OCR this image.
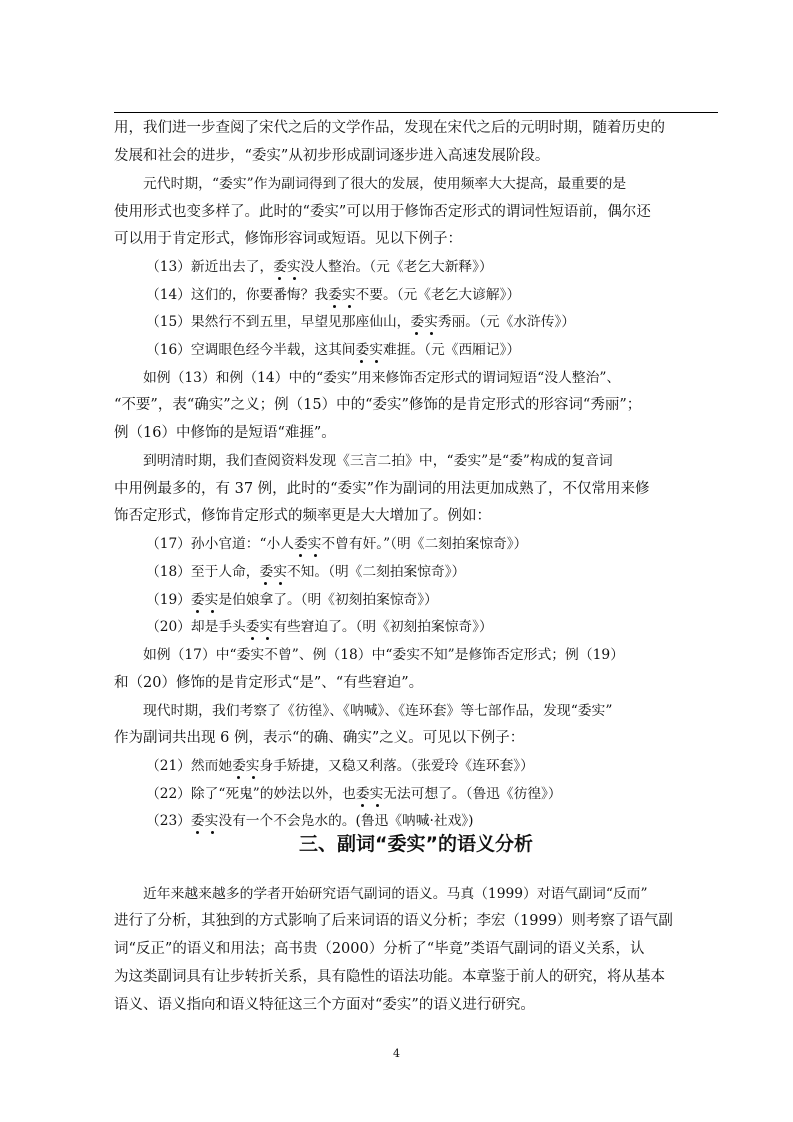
用，我们进一步查阅了宋代之后的文学作品，发现在宋代之后的元明时期，随着历史的
发展和社会的进步，“委实”从初步形成副词逐步进入高速发展阶段。
元代时期，“委实”作为副词得到了很大的发展，使用频率大大提高，最重要的是
使用形式也变多样了。此时的“委实”可以用于修饰否定形式的谓词性短语前，偶尔还
可以用于肯定形式，修饰形容词或短语。见以下例子：
（13）新近出去了，委实
没人整治。（元《老乞大新释》）
（14）这们的，你要番悔？我委实
不要。（元《老乞大谚解》）
（15）果然行不到五里，早望见那座仙山，委实
秀丽。（元《水浒传》）
（16）空调眼色经今半载，这其间委实
难捱。（元《西厢记》）
如例（13）和例（14）中的“委实”用来修饰否定形式的谓词短语“没人整治”、
“不要”，表“确实”之义；例（15）中的“委实”修饰的是肯定形式的形容词“秀丽”；
例（16）中修饰的是短语“难捱”。
到明清时期，我们查阅资料发现《三言二拍》中，“委实”是“委”构成的复音词
中用例最多的，有 37 例，此时的“委实”作为副词的用法更加成熟了，不仅常用来修
饰否定形式，修饰肯定形式的频率更是大大增加了。例如：
（17）孙小官道：“小人委实
不曾有奸。”（明《二刻拍案惊奇》）
（18）至于人命，委实
不知。（明《二刻拍案惊奇》）
（19）委实
是伯娘拿了。（明《初刻拍案惊奇》）
（20）却是手头委实
有些窘迫了。（明《初刻拍案惊奇》）
如例（17）中“委实不曾”、例（18）中“委实不知”是修饰否定形式；例（19）
和（20）修饰的是肯定形式“是”、“有些窘迫”。
现代时期，我们考察了《彷徨》、《呐喊》、《连环套》等七部作品，发现“委实”
作为副词共出现 6 例，表示“的确、确实”之义。可见以下例子：
（21）然而她委实
身手矫捷，又稳又利落。（张爱玲《连环套》）
（22）除了“死鬼”的妙法以外，也委实
无法可想了。（鲁迅《彷徨》）
（23）委实
没有一个不会凫水的。(鲁迅《呐喊·社戏》)
三、副词“委实”的语义分析
近年来越来越多的学者开始研究语气副词的语义。马真（1999）对语气副词“反而”
进行了分析，其独到的方式影响了后来词语的语义分析；李宏（1999）则考察了语气副
词“反正”的语义和用法；高书贵（2000）分析了“毕竟”类语气副词的语义关系，认
为这类副词具有让步转折关系，具有隐性的语法功能。本章鉴于前人的研究，将从基本
语义、语义指向和语义特征这三个方面对“委实”的语义进行研究。
4
